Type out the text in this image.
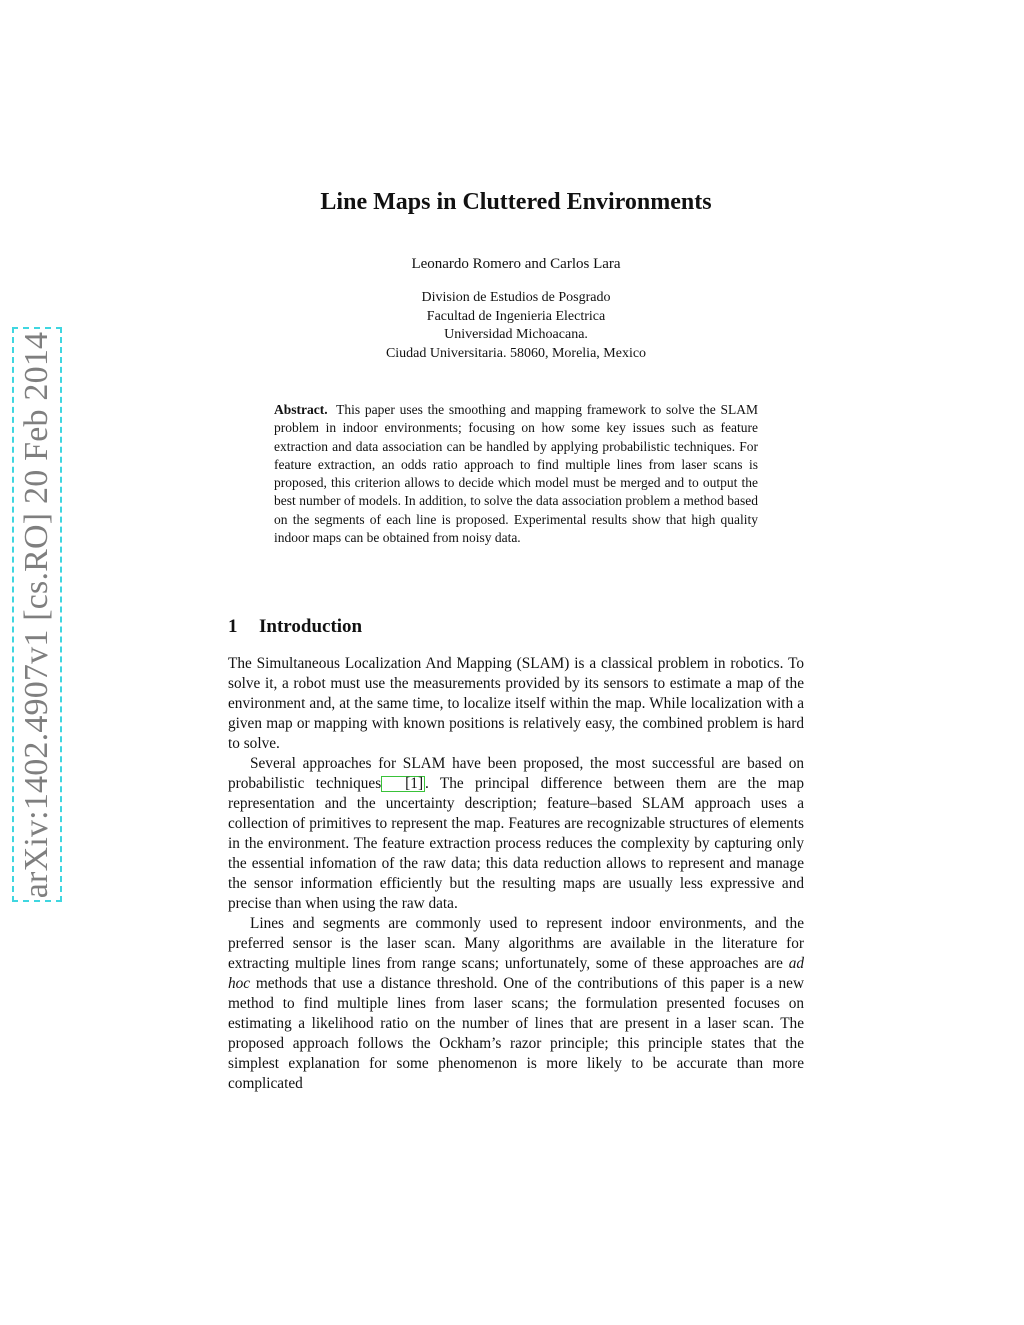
arXiv:1402.4907v1 [cs.RO] 20 Feb 2014
Line Maps in Cluttered Environments
Leonardo Romero and Carlos Lara
Division de Estudios de Posgrado
Facultad de Ingenieria Electrica
Universidad Michoacana.
Ciudad Universitaria. 58060, Morelia, Mexico
Abstract. This paper uses the smoothing and mapping framework to solve the SLAM problem in indoor environments; focusing on how some key issues such as feature extraction and data association can be handled by applying probabilistic techniques. For feature extraction, an odds ratio approach to find multiple lines from laser scans is proposed, this criterion allows to decide which model must be merged and to output the best number of models. In addition, to solve the data association problem a method based on the segments of each line is proposed. Experimental results show that high quality indoor maps can be obtained from noisy data.
1 Introduction

The Simultaneous Localization And Mapping (SLAM) is a classical problem in robotics. To solve it, a robot must use the measurements provided by its sensors to estimate a map of the environment and, at the same time, to localize itself within the map. While localization with a given map or mapping with known positions is relatively easy, the combined problem is hard to solve.

Several approaches for SLAM have been proposed, the most successful are based on probabilistic techniques [1] . The principal difference between them are the map representation and the uncertainty description; feature–based SLAM approach uses a collection of primitives to represent the map. Features are recognizable structures of elements in the environment. The feature extraction process reduces the complexity by capturing only the essential infomation of the raw data; this data reduction allows to represent and manage the sensor information efficiently but the resulting maps are usually less expressive and precise than when using the raw data.

Lines and segments are commonly used to represent indoor environments, and the preferred sensor is the laser scan. Many algorithms are available in the literature for extracting multiple lines from range scans; unfortunately, some of these approaches are ad hoc methods that use a distance threshold. One of the contributions of this paper is a new method to find multiple lines from laser scans; the formulation presented focuses on estimating a likelihood ratio on the number of lines that are present in a laser scan. The proposed approach follows the Ockham’s razor principle; this principle states that the simplest explanation for some phenomenon is more likely to be accurate than more complicated
